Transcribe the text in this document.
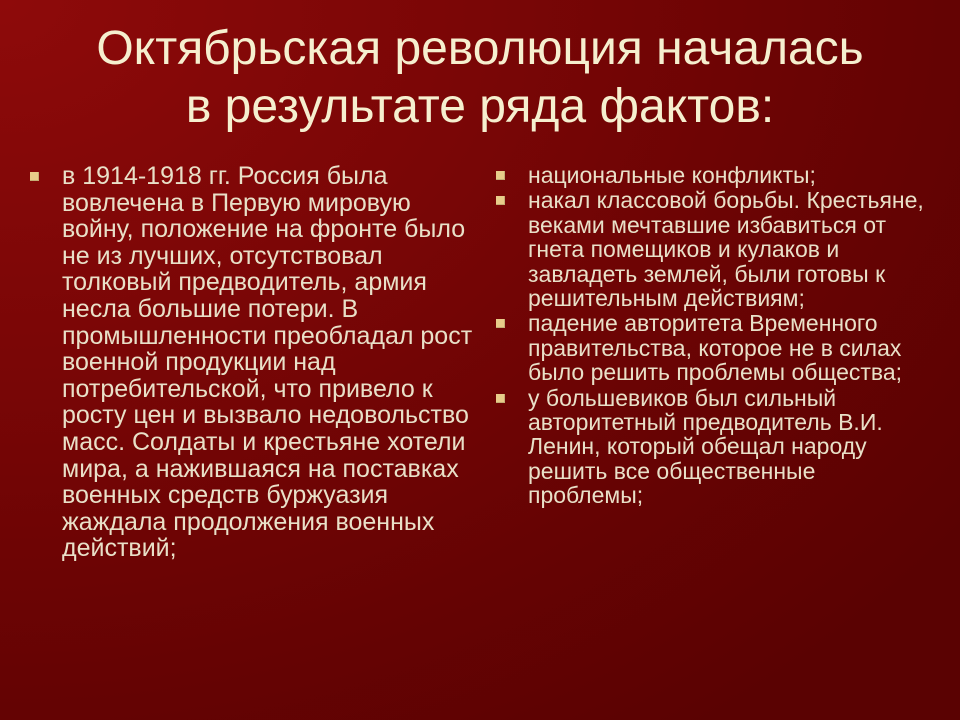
Октябрьская революция началась
в результате ряда фактов:
в 1914-1918 гг. Россия была вовлечена в Первую мировую войну, положение на фронте было не из лучших, отсутствовал толковый предводитель, армия несла большие потери. В промышленности преобладал рост военной продукции над потребительской, что привело к росту цен и вызвало недовольство масс. Солдаты и крестьяне хотели мира, а нажившаяся на поставках военных средств буржуазия жаждала продолжения военных действий;
национальные конфликты;
накал классовой борьбы. Крестьяне, веками мечтавшие избавиться от гнета помещиков и кулаков и завладеть землей, были готовы к решительным действиям;
падение авторитета Временного правительства, которое не в силах было решить проблемы общества;
у большевиков был сильный авторитетный предводитель В.И. Ленин, который обещал народу решить все общественные проблемы;
